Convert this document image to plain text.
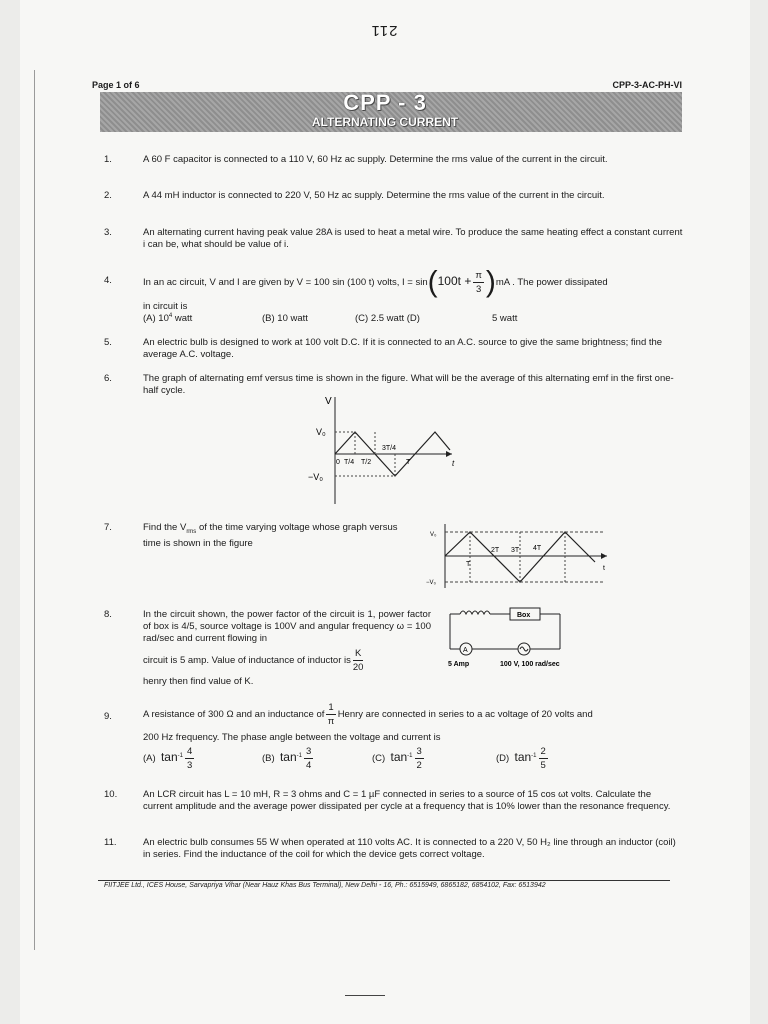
211
Page 1 of 6	CPP-3-AC-PH-VI
CPP - 3
ALTERNATING CURRENT
1.	A 60 F capacitor is connected to a 110 V, 60 Hz ac supply. Determine the rms value of the current in the circuit.
2.	A 44 mH inductor is connected to 220 V, 50 Hz ac supply. Determine the rms value of the current in the circuit.
3.	An alternating current having peak value 28A is used to heat a metal wire. To produce the same heating effect a constant current i can be, what should be value of i.
4.	In an ac circuit, V and I are given by V = 100 sin (100 t) volts, $I = \sin(100t + \frac{\pi}{3} )mA$ . The power dissipated
in circuit is
(A) $10^4$ watt	(B) 10 watt	(C) 2.5 watt (D)	5 watt
5.	An electric bulb is designed to work at 100 volt D.C. If it is connected to an A.C. source to give the same brightness; find the average A.C. voltage.
6.	The graph of alternating emf versus time is shown in the figure. What will be the average of this alternating emf in the first one-half cycle.
V
V₀
−V₀
0 T/4 T/2
3T/4
T	t
7.	Find the $V_{rms}$ of the time varying voltage whose graph versus time is shown in the figure
V₀
−V₀
T
2T 3T 4T
t
8.	In the circuit shown, the power factor of the circuit is 1, power factor of box is 4/5, source voltage is 100V and angular frequency ω = 100 rad/sec and current flowing in
circuit is 5 amp. Value of inductance of inductor is $\frac{K}{20}$
henry then find value of K.
Box
A
5 Amp	100 V, 100 rad/sec
9.	A resistance of 300 Ω and an inductance of $\frac{1}{\pi}$ Henry are connected in series to a ac voltage of 20 volts and
200 Hz frequency. The phase angle between the voltage and current is
(A) $\tan^{-1} \frac{4}{3}$	(B) $\tan^{-1} \frac{3}{4}$	(C) $\tan^{-1} \frac{3}{2}$	(D) $\tan^{-1} \frac{2}{5}$
10.	An LCR circuit has L = 10 mH, R = 3 ohms and C = 1 µF connected in series to a source of 15 cos ωt volts. Calculate the current amplitude and the average power dissipated per cycle at a frequency that is 10% lower than the resonance frequency.
11.	An electric bulb consumes 55 W when operated at 110 volts AC. It is connected to a 220 V, 50 H₂ line through an inductor (coil) in series. Find the inductance of the coil for which the device gets correct voltage.
FIITJEE Ltd., ICES House, Sarvapriya Vihar (Near Hauz Khas Bus Terminal), New Delhi - 16, Ph.: 6515949, 6865182, 6854102, Fax: 6513942
